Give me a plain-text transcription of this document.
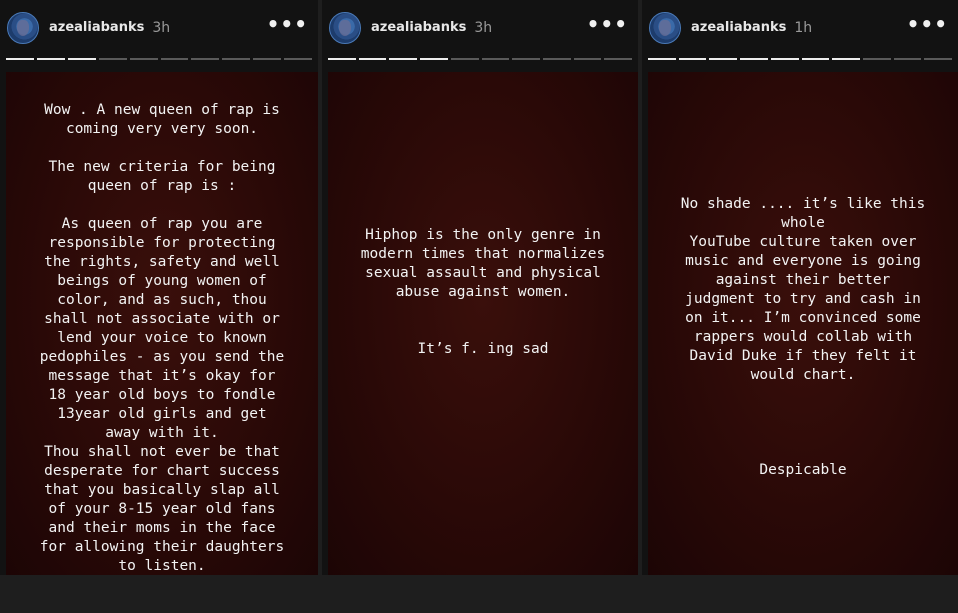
azealiabanks 3h	•••
Wow . A new queen of rap is
coming very very soon.

The new criteria for being
queen of rap is :

As queen of rap you are
responsible for protecting
the rights, safety and well
beings of young women of
color, and as such, thou
shall not associate with or
lend your voice to known
pedophiles - as you send the
message that it’s okay for
18 year old boys to fondle
13year old girls and get
away with it.
Thou shall not ever be that
desperate for chart success
that you basically slap all
of your 8-15 year old fans
and their moms in the face
for allowing their daughters
to listen.
azealiabanks 3h	•••
Hiphop is the only genre in
modern times that normalizes
sexual assault and physical
abuse against women.
It’s f. ing sad
azealiabanks 1h	•••
No shade .... it’s like this
whole
YouTube culture taken over
music and everyone is going
against their better
judgment to try and cash in
on it... I’m convinced some
rappers would collab with
David Duke if they felt it
would chart.
Despicable
